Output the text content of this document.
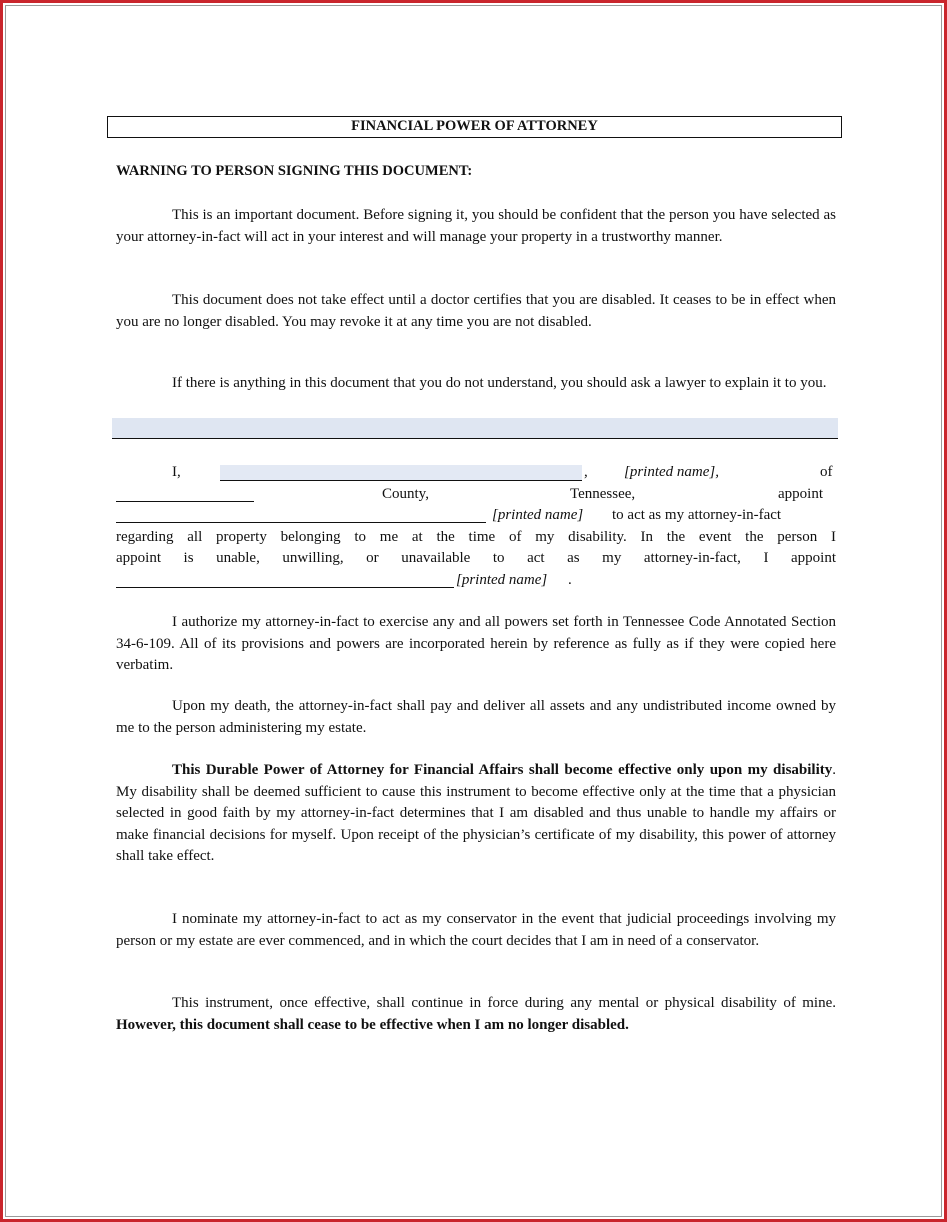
FINANCIAL POWER OF ATTORNEY
WARNING TO PERSON SIGNING THIS DOCUMENT:
This is an important document. Before signing it, you should be confident that the person you have selected as your attorney-in-fact will act in your interest and will manage your property in a trustworthy manner.
This document does not take effect until a doctor certifies that you are disabled. It ceases to be in effect when you are no longer disabled. You may revoke it at any time you are not disabled.
If there is anything in this document that you do not understand, you should ask a lawyer to explain it to you.
I,	, [printed name],	of
County,	Tennessee,	appoint
[printed name] to act as my attorney-in-fact
regarding all property belonging to me at the time of my disability. In the event the person I
appoint is unable, unwilling, or unavailable to act as my attorney-in-fact, I appoint
[printed name] .
I authorize my attorney-in-fact to exercise any and all powers set forth in Tennessee Code Annotated Section 34-6-109. All of its provisions and powers are incorporated herein by reference as fully as if they were copied here verbatim.
Upon my death, the attorney-in-fact shall pay and deliver all assets and any undistributed income owned by me to the person administering my estate.
This Durable Power of Attorney for Financial Affairs shall become effective only upon my disability. My disability shall be deemed sufficient to cause this instrument to become effective only at the time that a physician selected in good faith by my attorney-in-fact determines that I am disabled and thus unable to handle my affairs or make financial decisions for myself. Upon receipt of the physician’s certificate of my disability, this power of attorney shall take effect.
I nominate my attorney-in-fact to act as my conservator in the event that judicial proceedings involving my person or my estate are ever commenced, and in which the court decides that I am in need of a conservator.
This instrument, once effective, shall continue in force during any mental or physical disability of mine. However, this document shall cease to be effective when I am no longer disabled.
